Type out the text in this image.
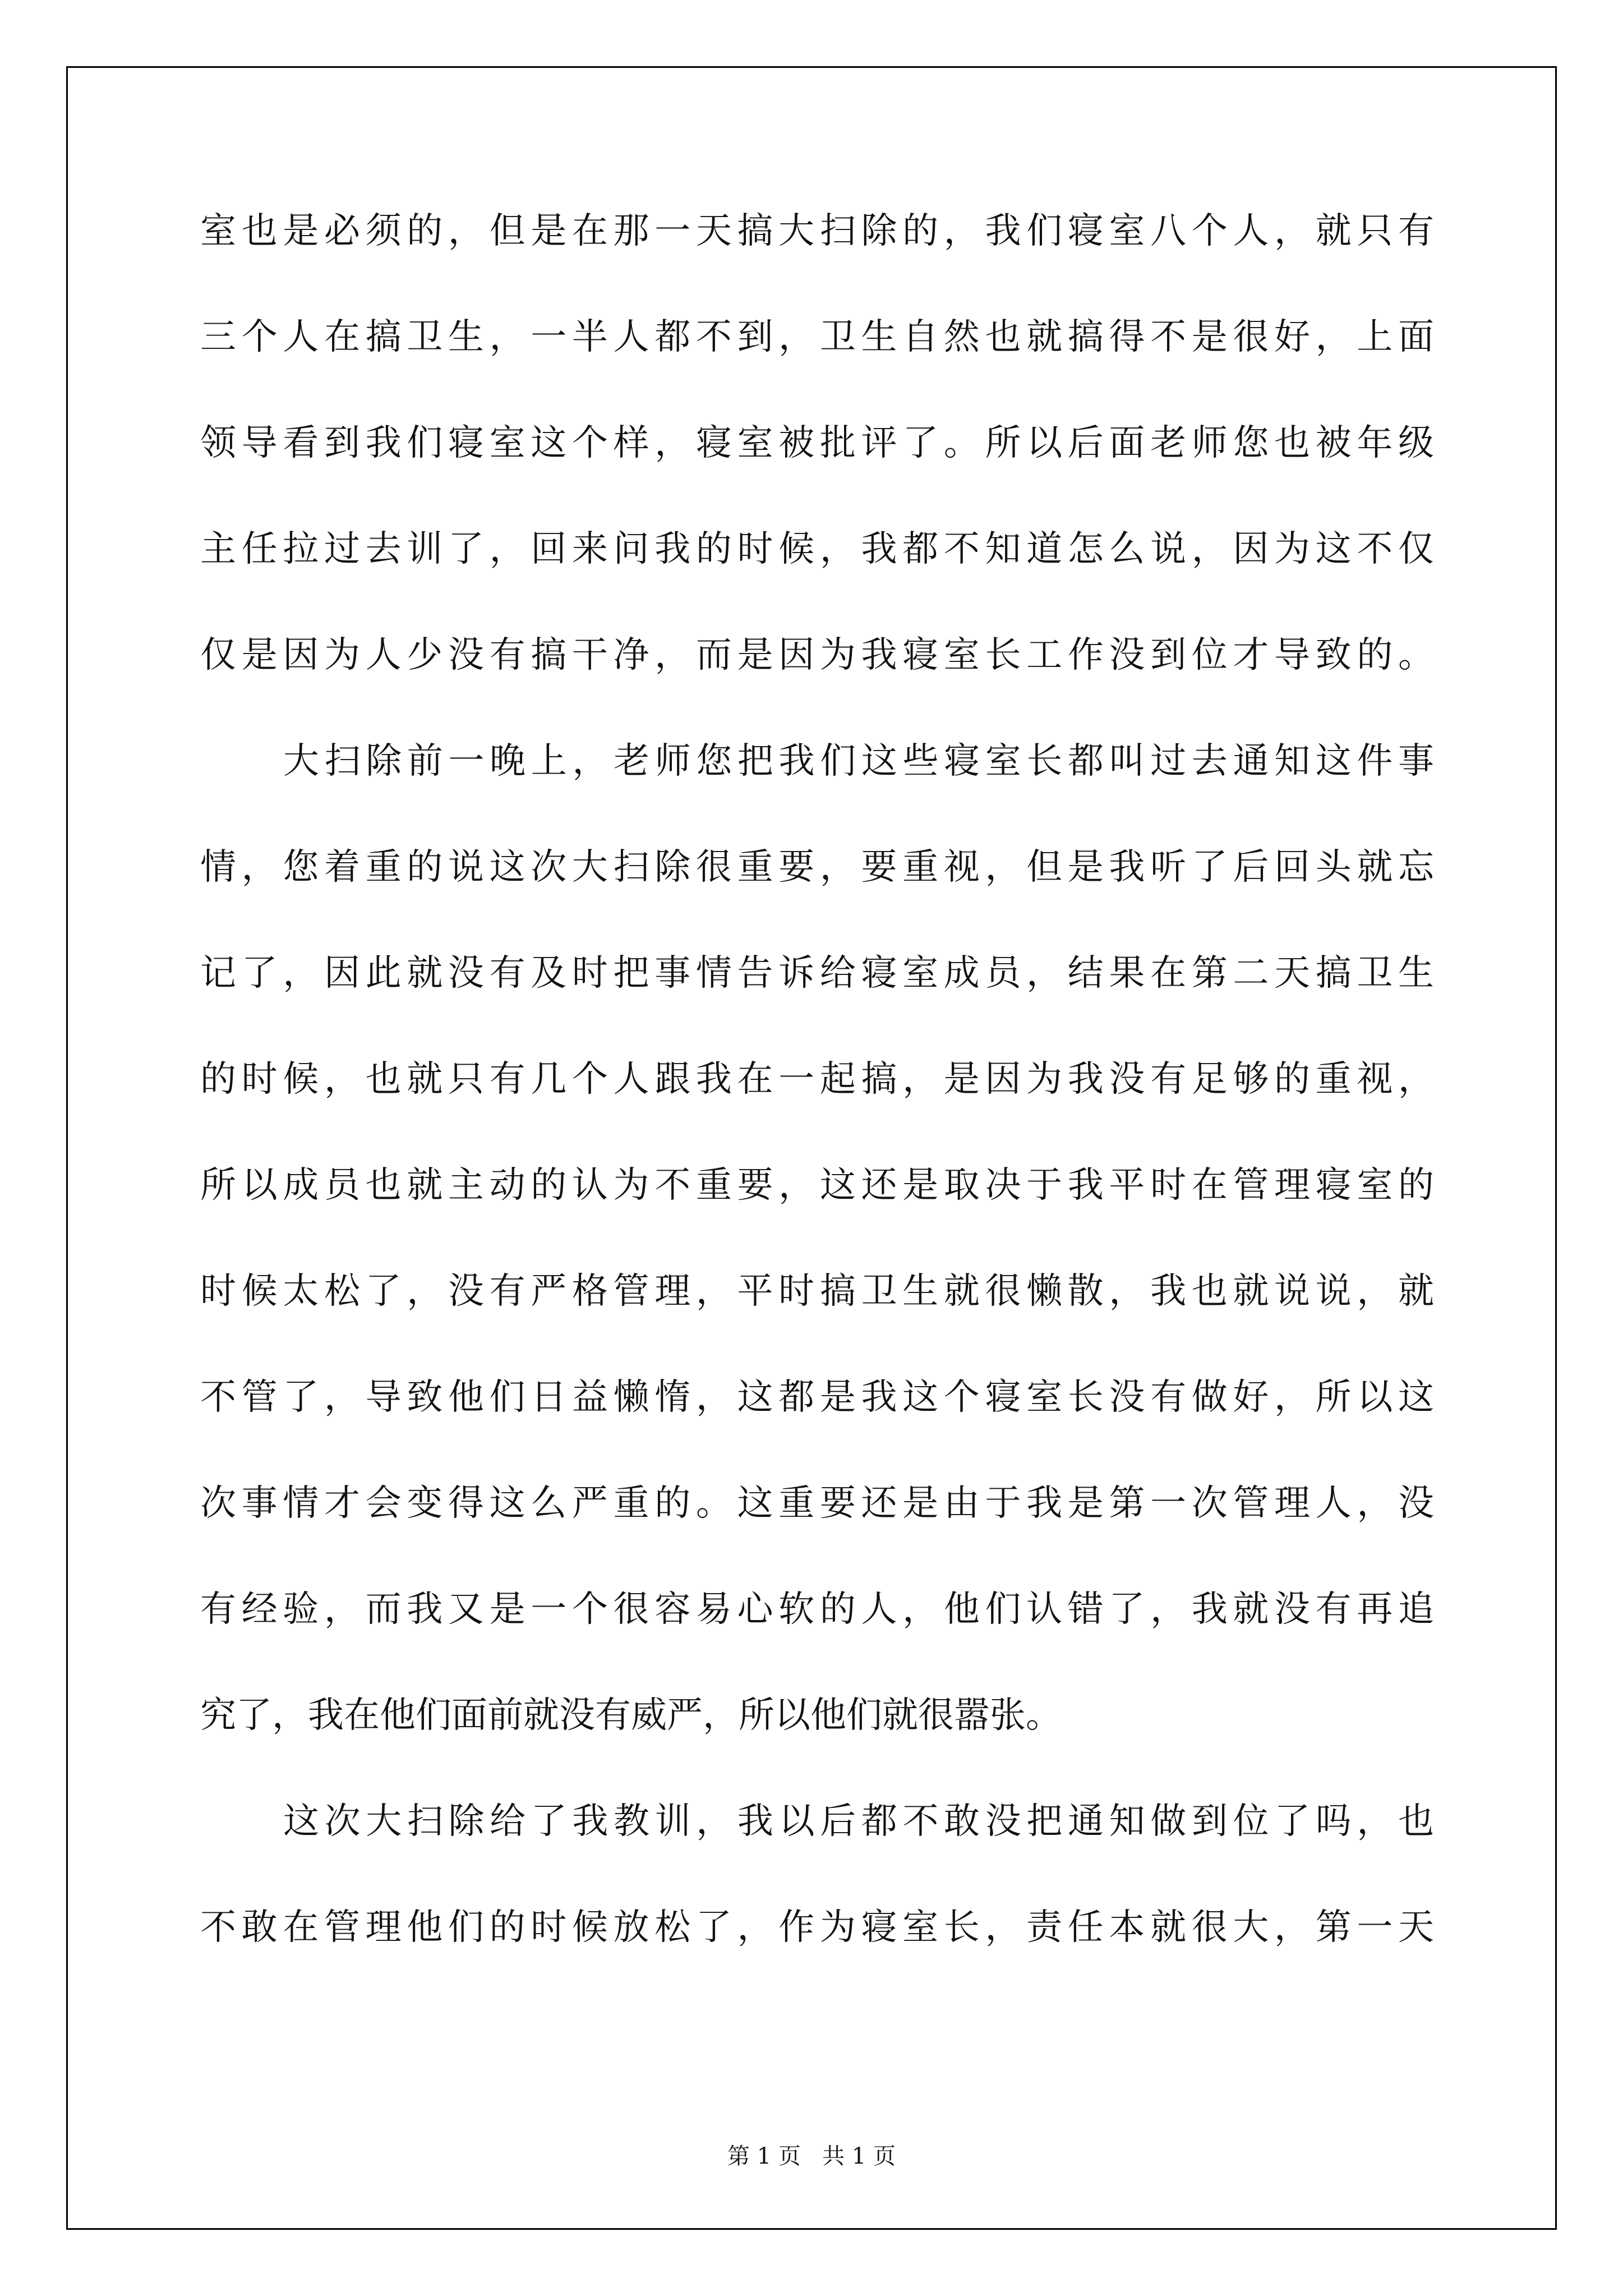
室也是必须的，但是在那一天搞大扫除的，我们寝室八个人，就只有
三个人在搞卫生，一半人都不到，卫生自然也就搞得不是很好，上面
领导看到我们寝室这个样，寝室被批评了。所以后面老师您也被年级
主任拉过去训了，回来问我的时候，我都不知道怎么说，因为这不仅
仅是因为人少没有搞干净，而是因为我寝室长工作没到位才导致的。
大扫除前一晚上，老师您把我们这些寝室长都叫过去通知这件事
情，您着重的说这次大扫除很重要，要重视，但是我听了后回头就忘
记了，因此就没有及时把事情告诉给寝室成员，结果在第二天搞卫生
的时候，也就只有几个人跟我在一起搞，是因为我没有足够的重视，
所以成员也就主动的认为不重要，这还是取决于我平时在管理寝室的
时候太松了，没有严格管理，平时搞卫生就很懒散，我也就说说，就
不管了，导致他们日益懒惰，这都是我这个寝室长没有做好，所以这
次事情才会变得这么严重的。这重要还是由于我是第一次管理人，没
有经验，而我又是一个很容易心软的人，他们认错了，我就没有再追
究了，我在他们面前就没有威严，所以他们就很嚣张。
这次大扫除给了我教训，我以后都不敢没把通知做到位了吗，也
不敢在管理他们的时候放松了，作为寝室长，责任本就很大，第一天
第 1 页   共 1 页
